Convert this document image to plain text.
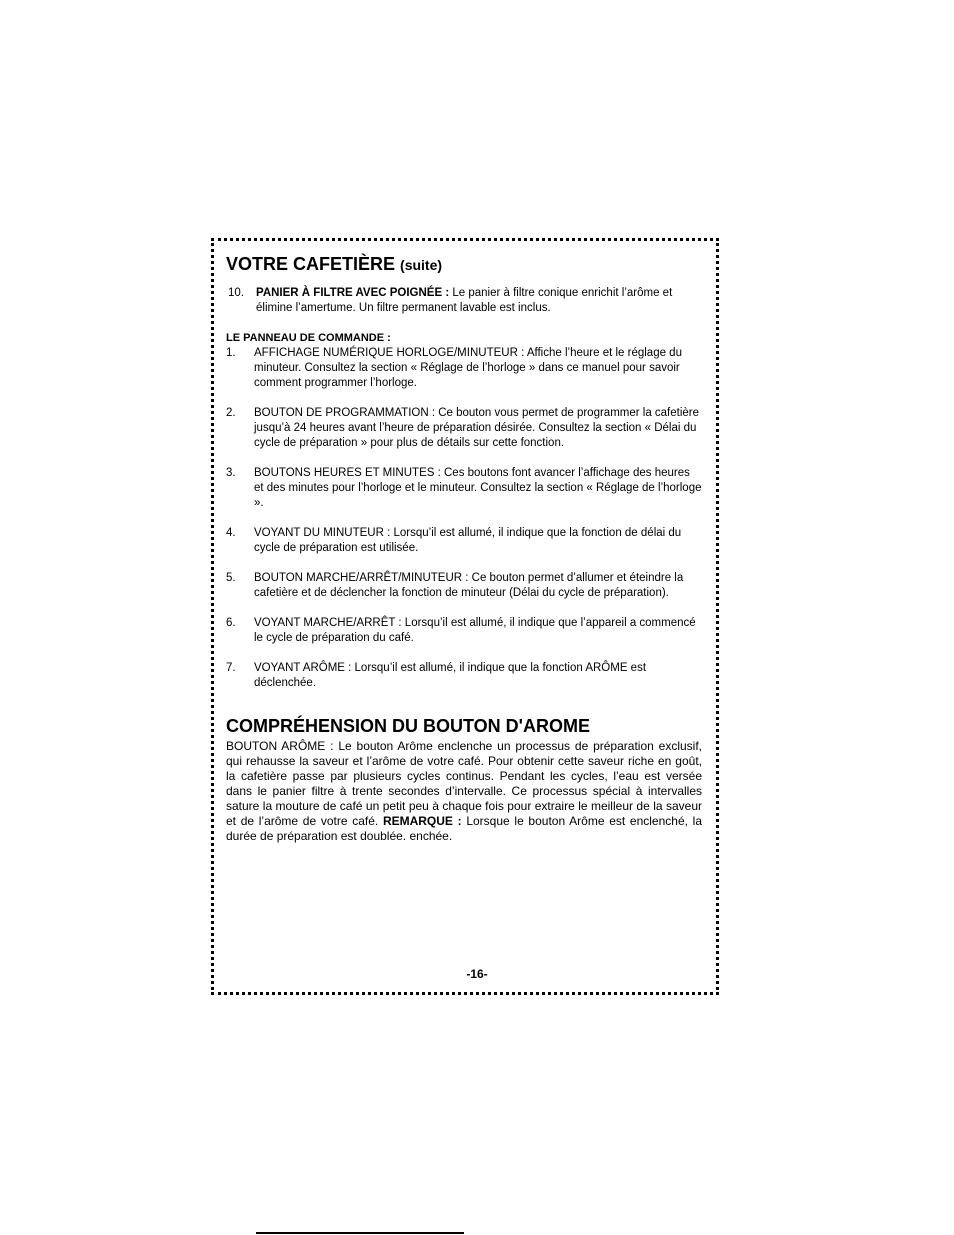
VOTRE CAFETIÈRE (suite)
10. PANIER À FILTRE AVEC POIGNÉE : Le panier à filtre conique enrichit l’arôme et élimine l’amertume. Un filtre permanent lavable est inclus.
LE PANNEAU DE COMMANDE :
1. AFFICHAGE NUMÉRIQUE HORLOGE/MINUTEUR : Affiche l’heure et le réglage du minuteur. Consultez la section « Réglage de l’horloge » dans ce manuel pour savoir comment programmer l’horloge.
2. BOUTON DE PROGRAMMATION : Ce bouton vous permet de programmer la cafetière jusqu’à 24 heures avant l’heure de préparation désirée. Consultez la section « Délai du cycle de préparation » pour plus de détails sur cette fonction.
3. BOUTONS HEURES ET MINUTES : Ces boutons font avancer l’affichage des heures et des minutes pour l’horloge et le minuteur. Consultez la section « Réglage de l’horloge ».
4. VOYANT DU MINUTEUR : Lorsqu’il est allumé, il indique que la fonction de délai du cycle de préparation est utilisée.
5. BOUTON MARCHE/ARRÊT/MINUTEUR : Ce bouton permet d’allumer et éteindre la cafetière et de déclencher la fonction de minuteur (Délai du cycle de préparation).
6. VOYANT MARCHE/ARRÊT : Lorsqu’il est allumé, il indique que l’appareil a commencé le cycle de préparation du café.
7. VOYANT ARÔME : Lorsqu’il est allumé, il indique que la fonction ARÔME est déclenchée.
COMPRÉHENSION DU BOUTON D'AROME
BOUTON ARÔME : Le bouton Arôme enclenche un processus de préparation exclusif, qui rehausse la saveur et l’arôme de votre café. Pour obtenir cette saveur riche en goût, la cafetière passe par plusieurs cycles continus. Pendant les cycles, l’eau est versée dans le panier filtre à trente secondes d’intervalle. Ce processus spécial à intervalles sature la mouture de café un petit peu à chaque fois pour extraire le meilleur de la saveur et de l’arôme de votre café. REMARQUE : Lorsque le bouton Arôme est enclenché, la durée de préparation est doublée. enchée.
-16-
